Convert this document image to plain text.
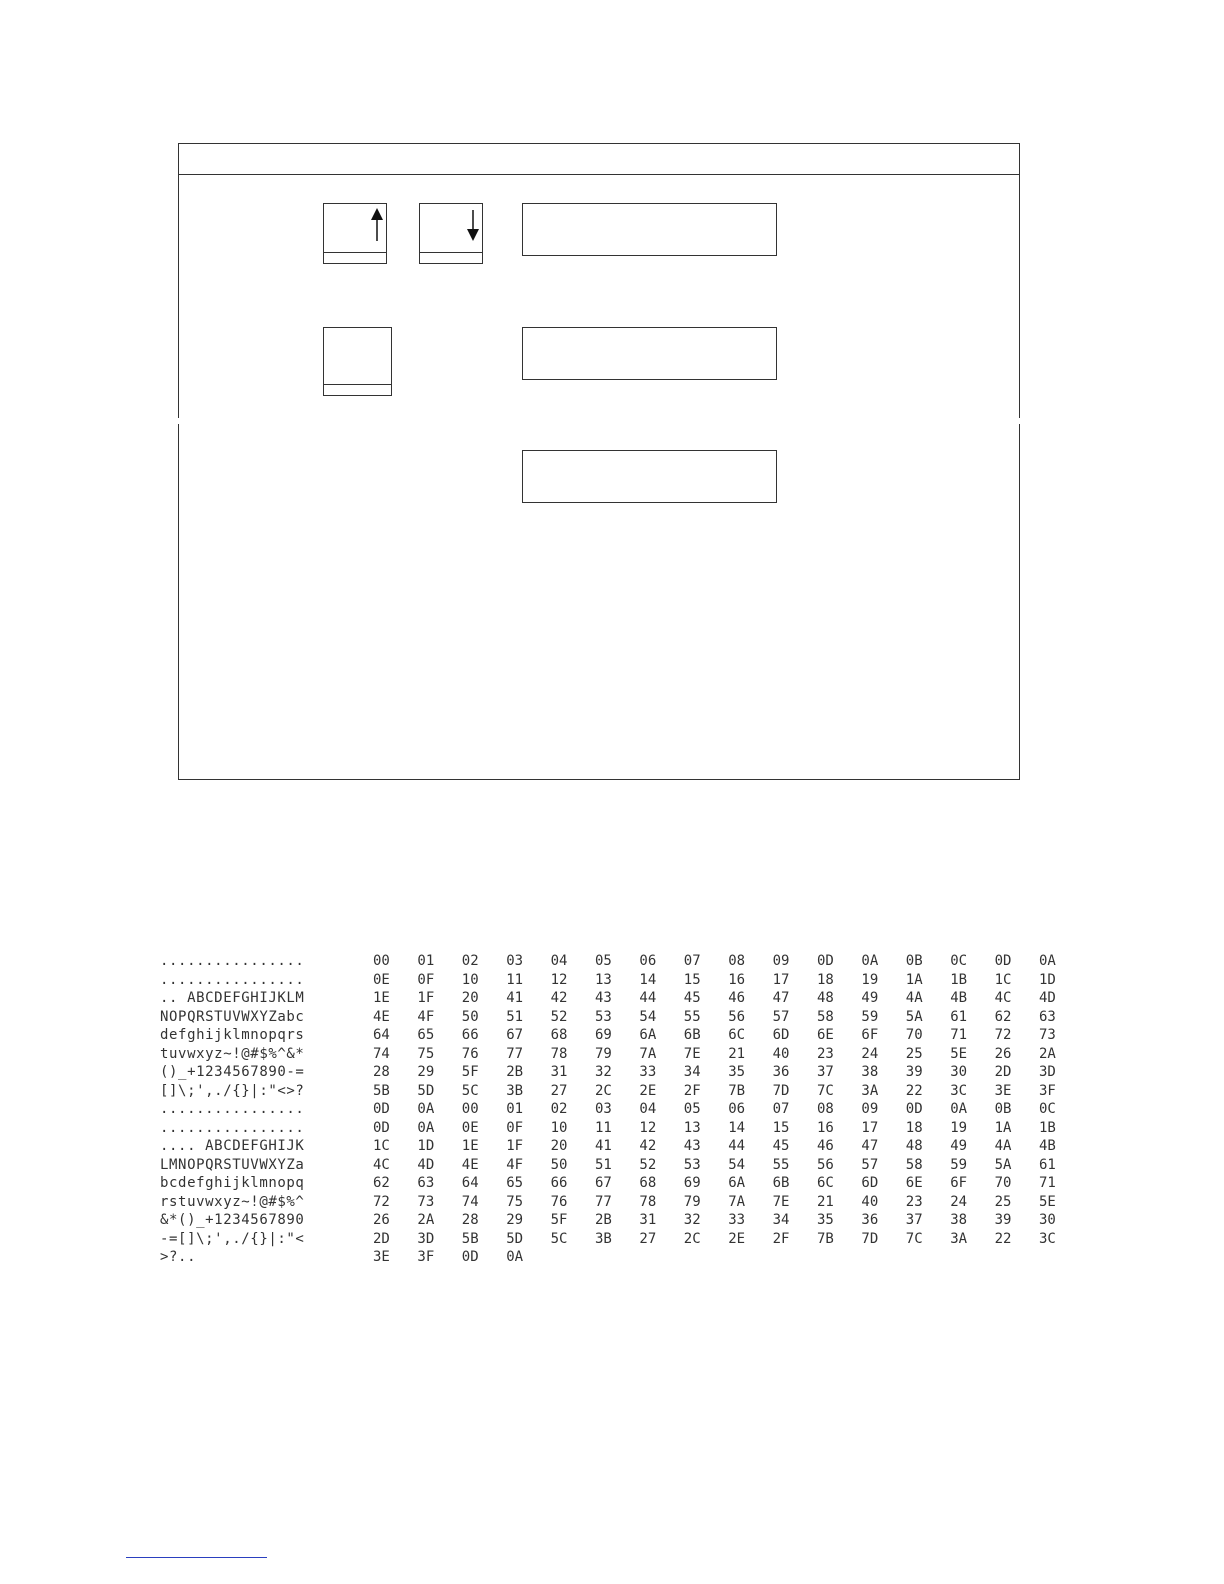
................	00 01 02 03 04 05 06 07 08 09 0D 0A 0B 0C 0D 0A
................	0E 0F 10 11 12 13 14 15 16 17 18 19 1A 1B 1C 1D
.. ABCDEFGHIJKLM	1E 1F 20 41 42 43 44 45 46 47 48 49 4A 4B 4C 4D
NOPQRSTUVWXYZabc	4E 4F 50 51 52 53 54 55 56 57 58 59 5A 61 62 63
defghijklmnopqrs	64 65 66 67 68 69 6A 6B 6C 6D 6E 6F 70 71 72 73
tuvwxyz~!@#$%^&*	74 75 76 77 78 79 7A 7E 21 40 23 24 25 5E 26 2A
()_+1234567890-=	28 29 5F 2B 31 32 33 34 35 36 37 38 39 30 2D 3D
[]\;',./{}|:"<>?	5B 5D 5C 3B 27 2C 2E 2F 7B 7D 7C 3A 22 3C 3E 3F
................	0D 0A 00 01 02 03 04 05 06 07 08 09 0D 0A 0B 0C
................	0D 0A 0E 0F 10 11 12 13 14 15 16 17 18 19 1A 1B
.... ABCDEFGHIJK	1C 1D 1E 1F 20 41 42 43 44 45 46 47 48 49 4A 4B
LMNOPQRSTUVWXYZa	4C 4D 4E 4F 50 51 52 53 54 55 56 57 58 59 5A 61
bcdefghijklmnopq	62 63 64 65 66 67 68 69 6A 6B 6C 6D 6E 6F 70 71
rstuvwxyz~!@#$%^	72 73 74 75 76 77 78 79 7A 7E 21 40 23 24 25 5E
&*()_+1234567890	26 2A 28 29 5F 2B 31 32 33 34 35 36 37 38 39 30
-=[]\;',./{}|:"<	2D 3D 5B 5D 5C 3B 27 2C 2E 2F 7B 7D 7C 3A 22 3C
>?..	3E 3F 0D 0A
